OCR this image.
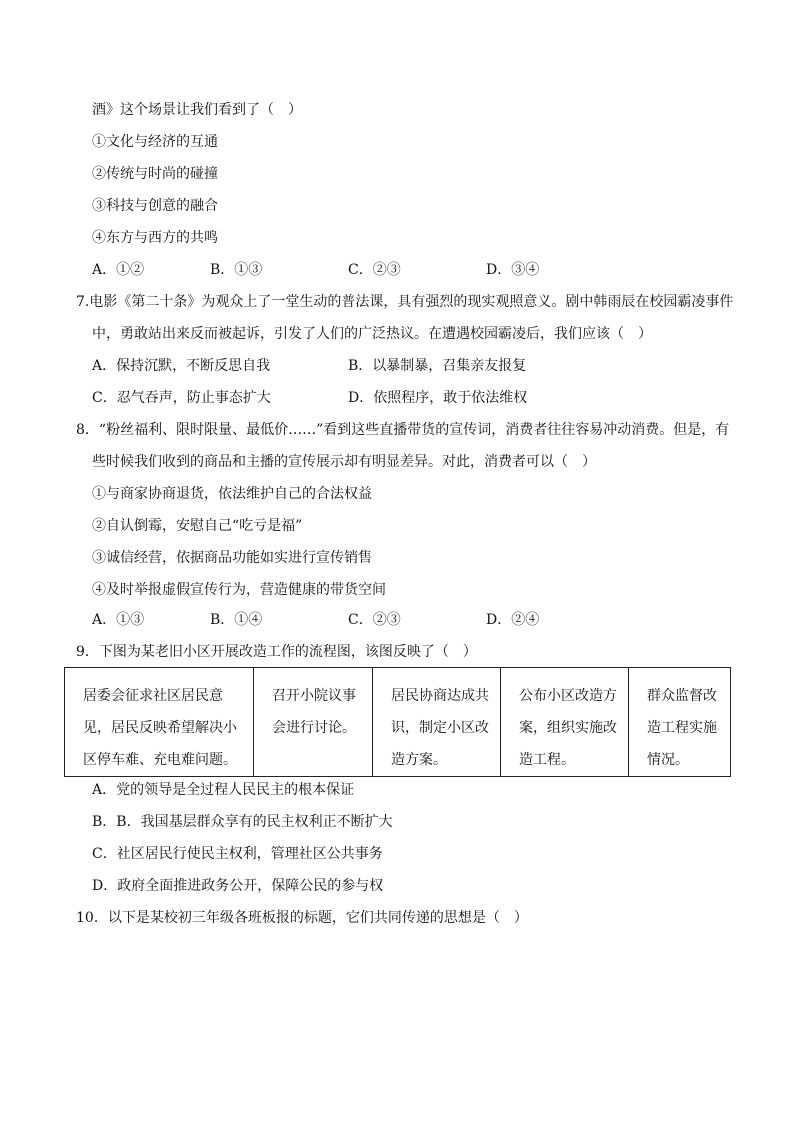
酒》这个场景让我们看到了（　）
①文化与经济的互通
②传统与时尚的碰撞
③科技与创意的融合
④东方与西方的共鸣
A．①②	B．①③	C．②③	D．③④
7.电影《第二十条》为观众上了一堂生动的普法课，具有强烈的现实观照意义。剧中韩雨辰在校园霸凌事件
中，勇敢站出来反而被起诉，引发了人们的广泛热议。在遭遇校园霸凌后，我们应该（　）
A．保持沉默，不断反思自我	B．以暴制暴，召集亲友报复
C．忍气吞声，防止事态扩大	D．依照程序，敢于依法维权
8．“粉丝福利、限时限量、最低价……”看到这些直播带货的宣传词，消费者往往容易冲动消费。但是，有
些时候我们收到的商品和主播的宣传展示却有明显差异。对此，消费者可以（　）
①与商家协商退货，依法维护自己的合法权益
②自认倒霉，安慰自己“吃亏是福”
③诚信经营，依据商品功能如实进行宣传销售
④及时举报虚假宣传行为，营造健康的带货空间
A．①③	B．①④	C．②③	D．②④
9．下图为某老旧小区开展改造工作的流程图，该图反映了（　）
居委会征求社区居民意见，居民反映希望解决小区停车难、充电难问题。	召开小院议事会进行讨论。	居民协商达成共识，制定小区改造方案。	公布小区改造方案，组织实施改造工程。	群众监督改造工程实施情况。
A．党的领导是全过程人民民主的根本保证
B．B．我国基层群众享有的民主权利正不断扩大
C．社区居民行使民主权利，管理社区公共事务
D．政府全面推进政务公开，保障公民的参与权
10．以下是某校初三年级各班板报的标题，它们共同传递的思想是（　）
